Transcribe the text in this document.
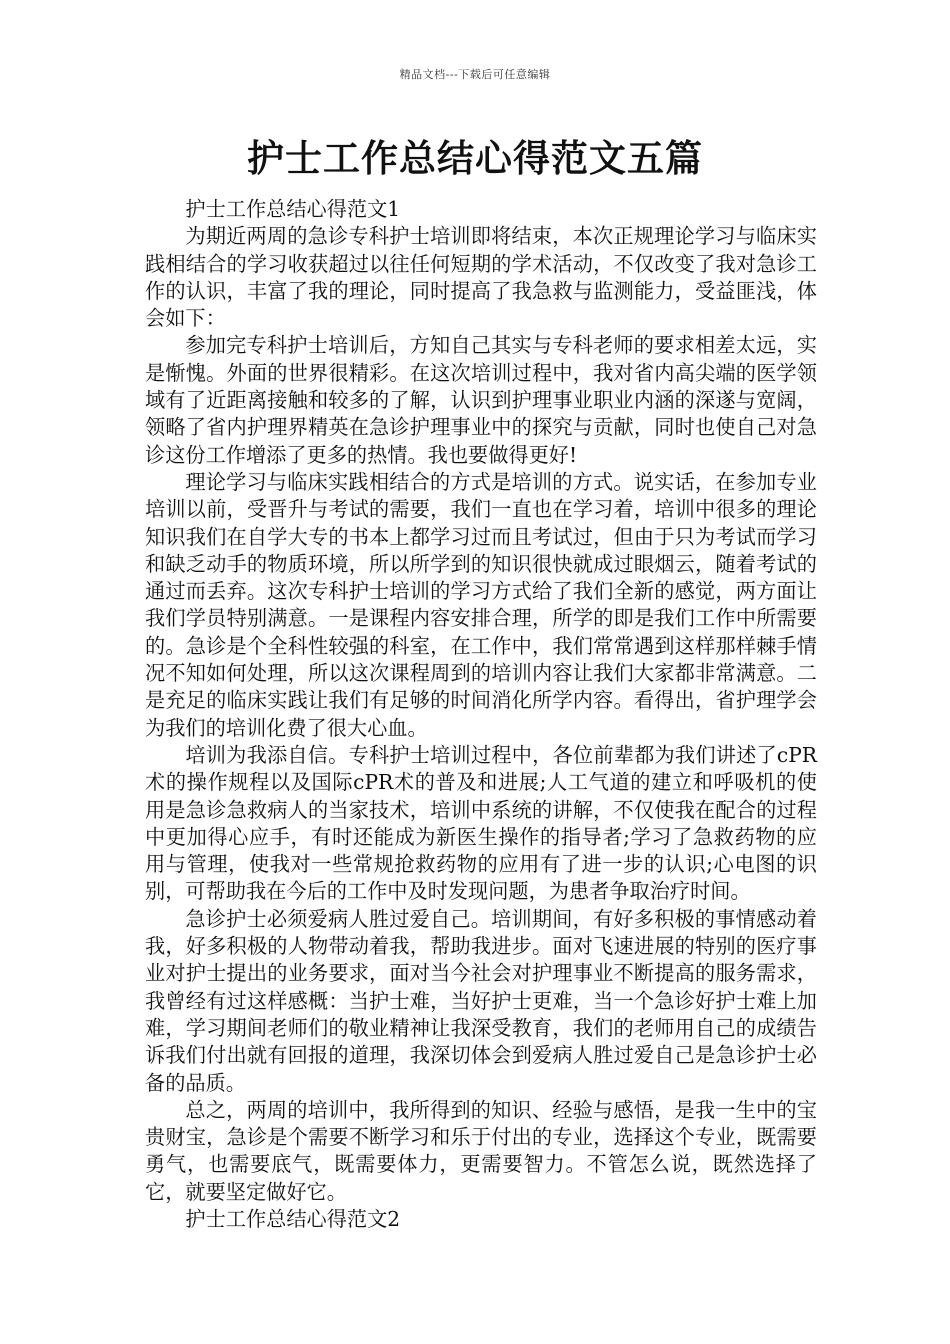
精品文档---下载后可任意编辑
护士工作总结心得范文五篇

护士工作总结心得范文1

为期近两周的急诊专科护士培训即将结束，本次正规理论学习与临床实践相结合的学习收获超过以往任何短期的学术活动，不仅改变了我对急诊工作的认识，丰富了我的理论，同时提高了我急救与监测能力，受益匪浅，体会如下：

参加完专科护士培训后，方知自己其实与专科老师的要求相差太远，实是惭愧。外面的世界很精彩。在这次培训过程中，我对省内高尖端的医学领域有了近距离接触和较多的了解，认识到护理事业职业内涵的深遂与宽阔，领略了省内护理界精英在急诊护理事业中的探究与贡献，同时也使自己对急诊这份工作增添了更多的热情。我也要做得更好!

理论学习与临床实践相结合的方式是培训的方式。说实话，在参加专业培训以前，受晋升与考试的需要，我们一直也在学习着，培训中很多的理论知识我们在自学大专的书本上都学习过而且考试过，但由于只为考试而学习和缺乏动手的物质环境，所以所学到的知识很快就成过眼烟云，随着考试的通过而丢弃。这次专科护士培训的学习方式给了我们全新的感觉，两方面让我们学员特别满意。一是课程内容安排合理，所学的即是我们工作中所需要的。急诊是个全科性较强的科室，在工作中，我们常常遇到这样那样棘手情况不知如何处理，所以这次课程周到的培训内容让我们大家都非常满意。二是充足的临床实践让我们有足够的时间消化所学内容。看得出，省护理学会为我们的培训化费了很大心血。

培训为我添自信。专科护士培训过程中，各位前辈都为我们讲述了cPR术的操作规程以及国际cPR术的普及和进展;人工气道的建立和呼吸机的使用是急诊急救病人的当家技术，培训中系统的讲解，不仅使我在配合的过程中更加得心应手，有时还能成为新医生操作的指导者;学习了急救药物的应用与管理，使我对一些常规抢救药物的应用有了进一步的认识;心电图的识别，可帮助我在今后的工作中及时发现问题，为患者争取治疗时间。

急诊护士必须爱病人胜过爱自己。培训期间，有好多积极的事情感动着我，好多积极的人物带动着我，帮助我进步。面对飞速进展的特别的医疗事业对护士提出的业务要求，面对当今社会对护理事业不断提高的服务需求，我曾经有过这样感概：当护士难，当好护士更难，当一个急诊好护士难上加难，学习期间老师们的敬业精神让我深受教育，我们的老师用自己的成绩告诉我们付出就有回报的道理，我深切体会到爱病人胜过爱自己是急诊护士必备的品质。

总之，两周的培训中，我所得到的知识、经验与感悟，是我一生中的宝贵财宝，急诊是个需要不断学习和乐于付出的专业，选择这个专业，既需要勇气，也需要底气，既需要体力，更需要智力。不管怎么说，既然选择了它，就要坚定做好它。

护士工作总结心得范文2
